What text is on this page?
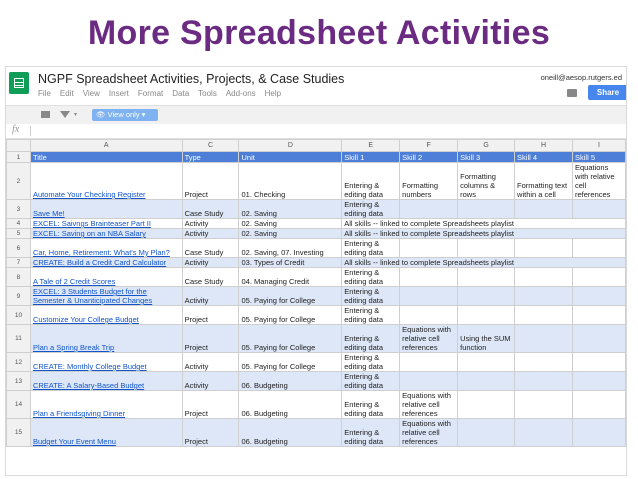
More Spreadsheet Activities
NGPF Spreadsheet Activities, Projects, & Case Studies
File Edit View Insert Format Data Tools Add-ons Help
oneill@aesop.rutgers.ed
Share
▾	👁 View only ▾
fx
	A	C	D	E	F	G	H	I
1	Title	Type	Unit	Skill 1	Skill 2	Skill 3	Skill 4	Skill 5
2	Automate Your Checking Register	Project	01. Checking	Entering & editing data	Formatting numbers	Formatting columns & rows	Formatting text within a cell	Equations with relative cell references
3	Save Me!	Case Study	02. Saving	Entering & editing data				
4	EXCEL: Saivngs Brainteaser Part II	Activity	02. Saving	All skills -- linked to complete Spreadsheets playlist				
5	EXCEL: Saving on an NBA Salary	Activity	02. Saving	All skills -- linked to complete Spreadsheets playlist				
6	Car, Home, Retirement: What's My Plan?	Case Study	02. Saving, 07. Investing	Entering & editing data				
7	CREATE: Build a Credit Card Calculator	Activity	03. Types of Credit	All skills -- linked to complete Spreadsheets playlist				
8	A Tale of 2 Credit Scores	Case Study	04. Managing Credit	Entering & editing data				
9	EXCEL: 3 Students Budget for the Semester & Unanticipated Changes	Activity	05. Paying for College	Entering & editing data				
10	Customize Your College Budget	Project	05. Paying for College	Entering & editing data				
11	Plan a Spring Break Trip	Project	05. Paying for College	Entering & editing data	Equations with relative cell references	Using the SUM function		
12	CREATE: Monthly College Budget	Activity	05. Paying for College	Entering & editing data				
13	CREATE: A Salary-Based Budget	Activity	06. Budgeting	Entering & editing data				
14	Plan a Friendsgiving Dinner	Project	06. Budgeting	Entering & editing data	Equations with relative cell references			
15	Budget Your Event Menu	Project	06. Budgeting	Entering & editing data	Equations with relative cell references			
